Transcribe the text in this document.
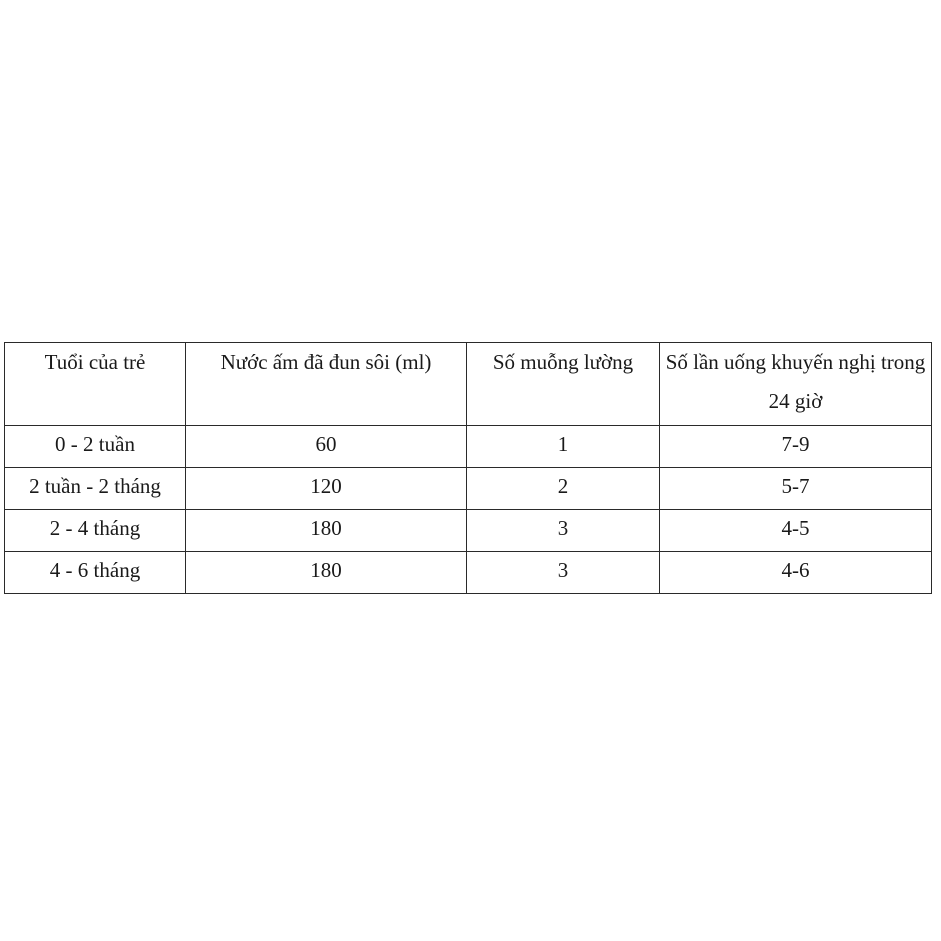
Tuổi của trẻ	Nước ấm đã đun sôi (ml)	Số muỗng lường	Số lần uống khuyến nghị trong 24 giờ

0 - 2 tuần	60	1	7-9
2 tuần - 2 tháng	120	2	5-7
2 - 4 tháng	180	3	4-5
4 - 6 tháng	180	3	4-6
